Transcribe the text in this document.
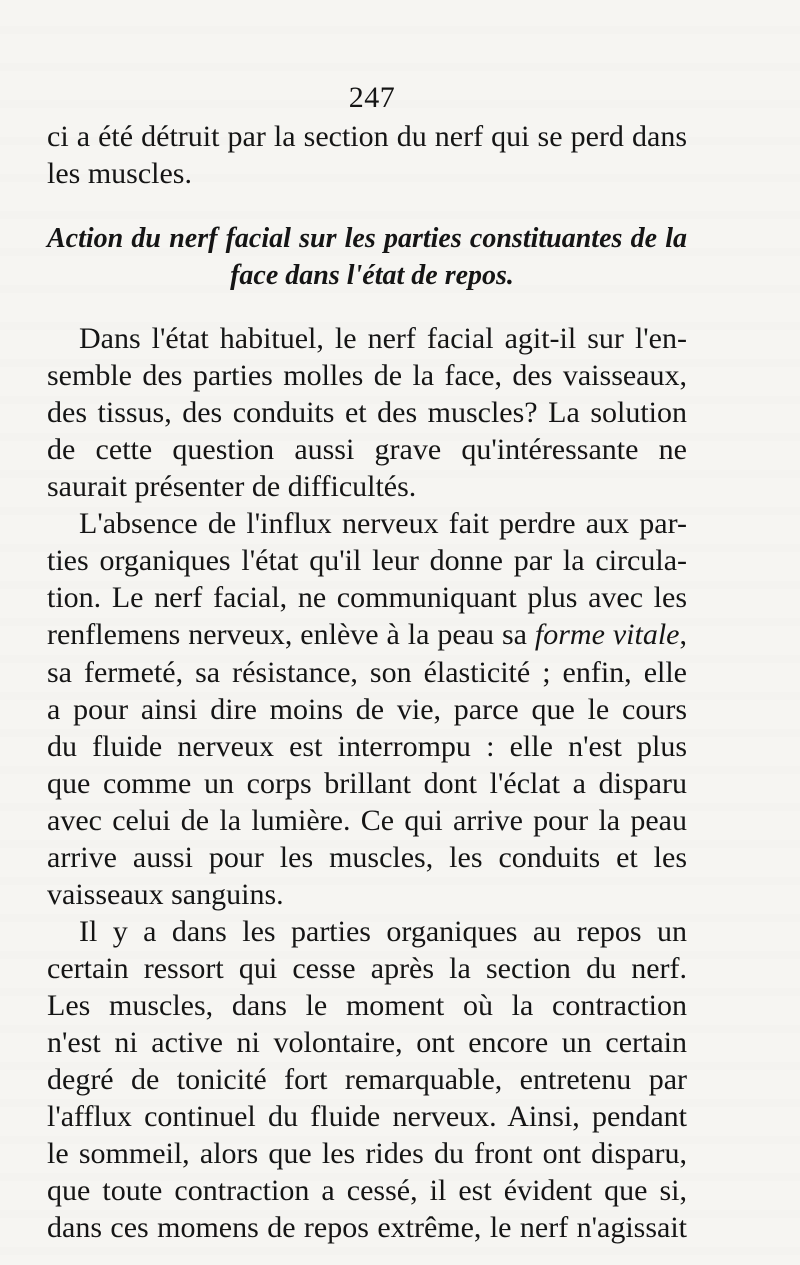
247
ci a été détruit par la section du nerf qui se perd dans
les muscles.
Action du nerf facial sur les parties constituantes de la
face dans l'état de repos.
Dans l'état habituel, le nerf facial agit-il sur l'en-
semble des parties molles de la face, des vaisseaux,
des tissus, des conduits et des muscles? La solution
de cette question aussi grave qu'intéressante ne
saurait présenter de difficultés.
L'absence de l'influx nerveux fait perdre aux par-
ties organiques l'état qu'il leur donne par la circula-
tion. Le nerf facial, ne communiquant plus avec les
renflemens nerveux, enlève à la peau sa forme vitale,
sa fermeté, sa résistance, son élasticité ; enfin, elle
a pour ainsi dire moins de vie, parce que le cours
du fluide nerveux est interrompu : elle n'est plus
que comme un corps brillant dont l'éclat a disparu
avec celui de la lumière. Ce qui arrive pour la peau
arrive aussi pour les muscles, les conduits et les
vaisseaux sanguins.
Il y a dans les parties organiques au repos un
certain ressort qui cesse après la section du nerf.
Les muscles, dans le moment où la contraction
n'est ni active ni volontaire, ont encore un certain
degré de tonicité fort remarquable, entretenu par
l'afflux continuel du fluide nerveux. Ainsi, pendant
le sommeil, alors que les rides du front ont disparu,
que toute contraction a cessé, il est évident que si,
dans ces momens de repos extrême, le nerf n'agissait
